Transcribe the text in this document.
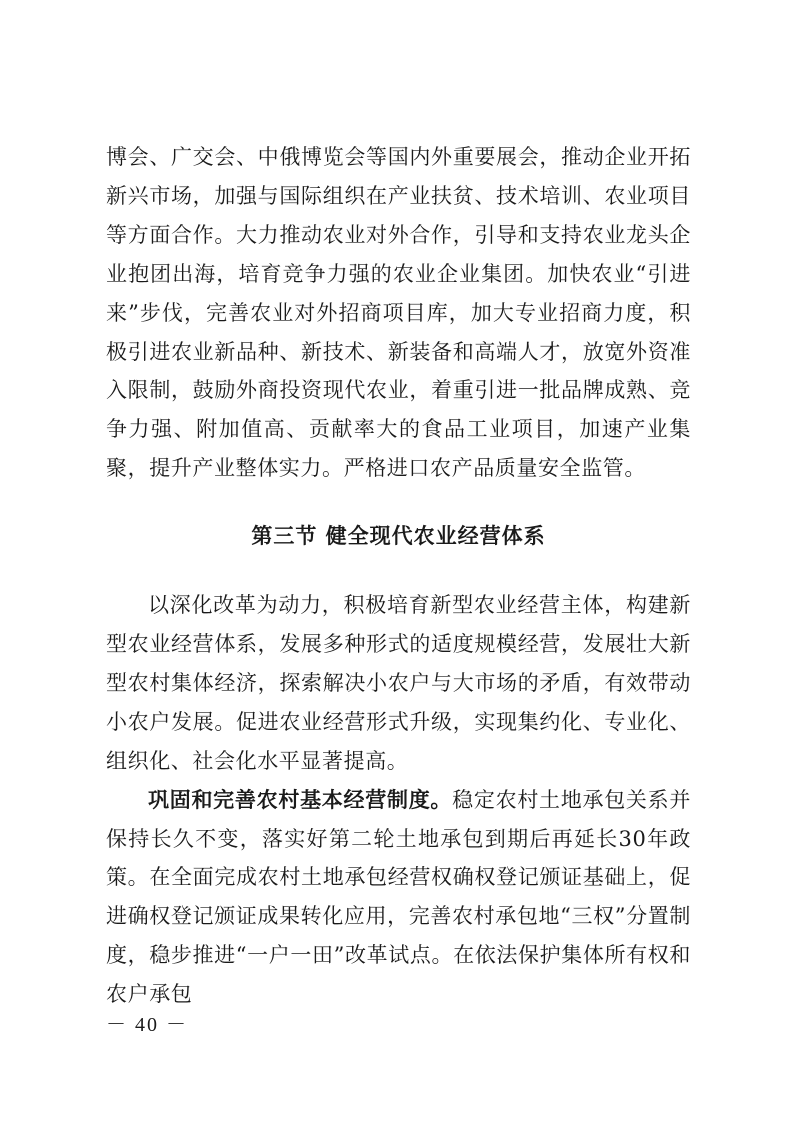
博会、广交会、中俄博览会等国内外重要展会，推动企业开拓新兴市场，加强与国际组织在产业扶贫、技术培训、农业项目等方面合作。大力推动农业对外合作，引导和支持农业龙头企业抱团出海，培育竞争力强的农业企业集团。加快农业“引进来”步伐，完善农业对外招商项目库，加大专业招商力度，积极引进农业新品种、新技术、新装备和高端人才，放宽外资准入限制，鼓励外商投资现代农业，着重引进一批品牌成熟、竞争力强、附加值高、贡献率大的食品工业项目，加速产业集聚，提升产业整体实力。严格进口农产品质量安全监管。

第三节 健全现代农业经营体系

以深化改革为动力，积极培育新型农业经营主体，构建新型农业经营体系，发展多种形式的适度规模经营，发展壮大新型农村集体经济，探索解决小农户与大市场的矛盾，有效带动小农户发展。促进农业经营形式升级，实现集约化、专业化、组织化、社会化水平显著提高。

巩固和完善农村基本经营制度。稳定农村土地承包关系并保持长久不变，落实好第二轮土地承包到期后再延长30年政策。在全面完成农村土地承包经营权确权登记颁证基础上，促进确权登记颁证成果转化应用，完善农村承包地“三权”分置制度，稳步推进“一户一田”改革试点。在依法保护集体所有权和农户承包

－ 40 －
